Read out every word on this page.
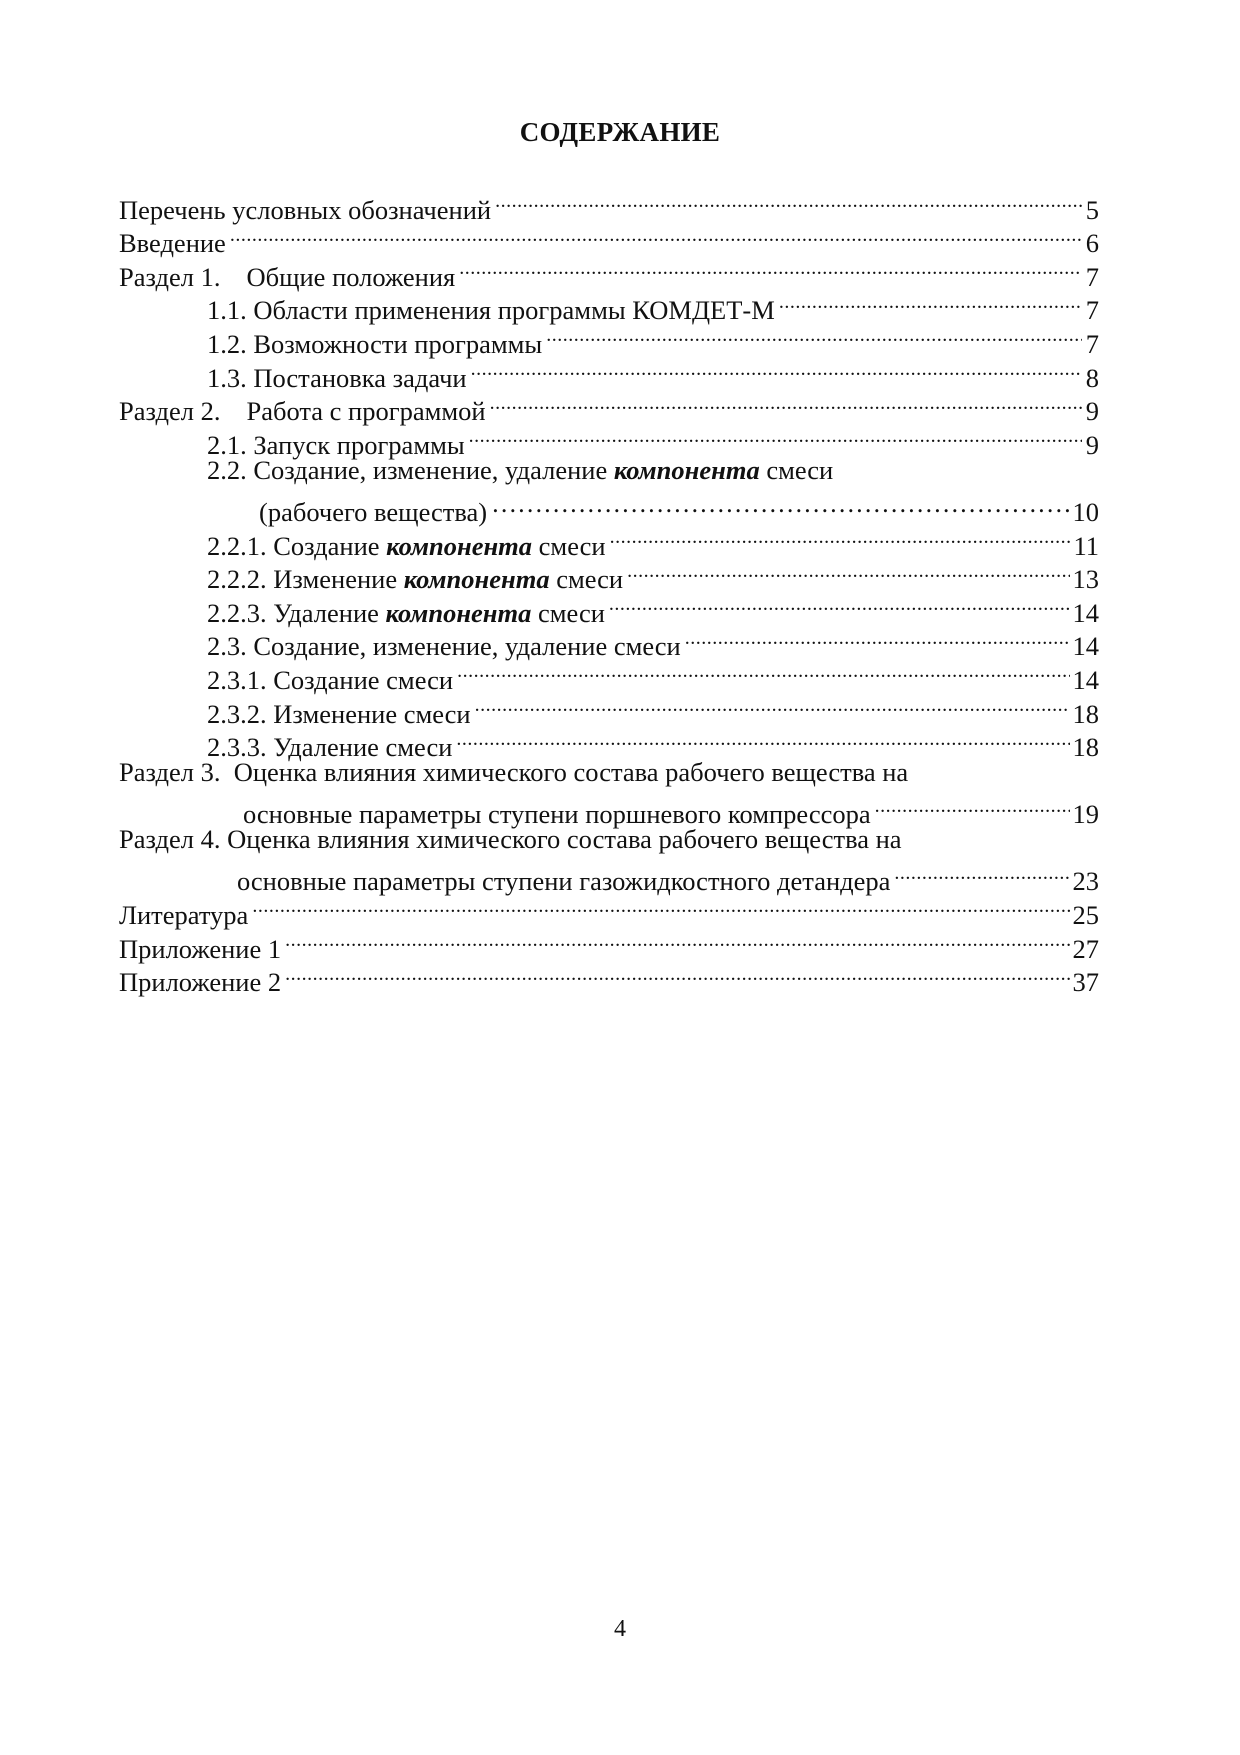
СОДЕРЖАНИЕ
Перечень условных обозначений .....	5
Введение .....	6
Раздел 1. Общие положения .....	7
1.1. Области применения программы КОМДЕТ-М .....	7
1.2. Возможности программы .....	7
1.3. Постановка задачи .....	8
Раздел 2. Работа с программой .....	9
2.1. Запуск программы .....	9
2.2. Создание, изменение, удаление компонента смеси
(рабочего вещества) …………………………………………………………………………………………………………………………………	10
2.2.1. Создание компонента смеси .....	11
2.2.2. Изменение компонента смеси .....	13
2.2.3. Удаление компонента смеси .....	14
2.3. Создание, изменение, удаление смеси .....	14
2.3.1. Создание смеси .....	14
2.3.2. Изменение смеси .....	18
2.3.3. Удаление смеси .....	18
Раздел 3.  Оценка влияния химического состава рабочего вещества на
основные параметры ступени поршневого компрессора .....	19
Раздел 4. Оценка влияния химического состава рабочего вещества на
основные параметры ступени газожидкостного детандера .....	23
Литература .....	25
Приложение 1 .....	27
Приложение 2 .....	37
4
